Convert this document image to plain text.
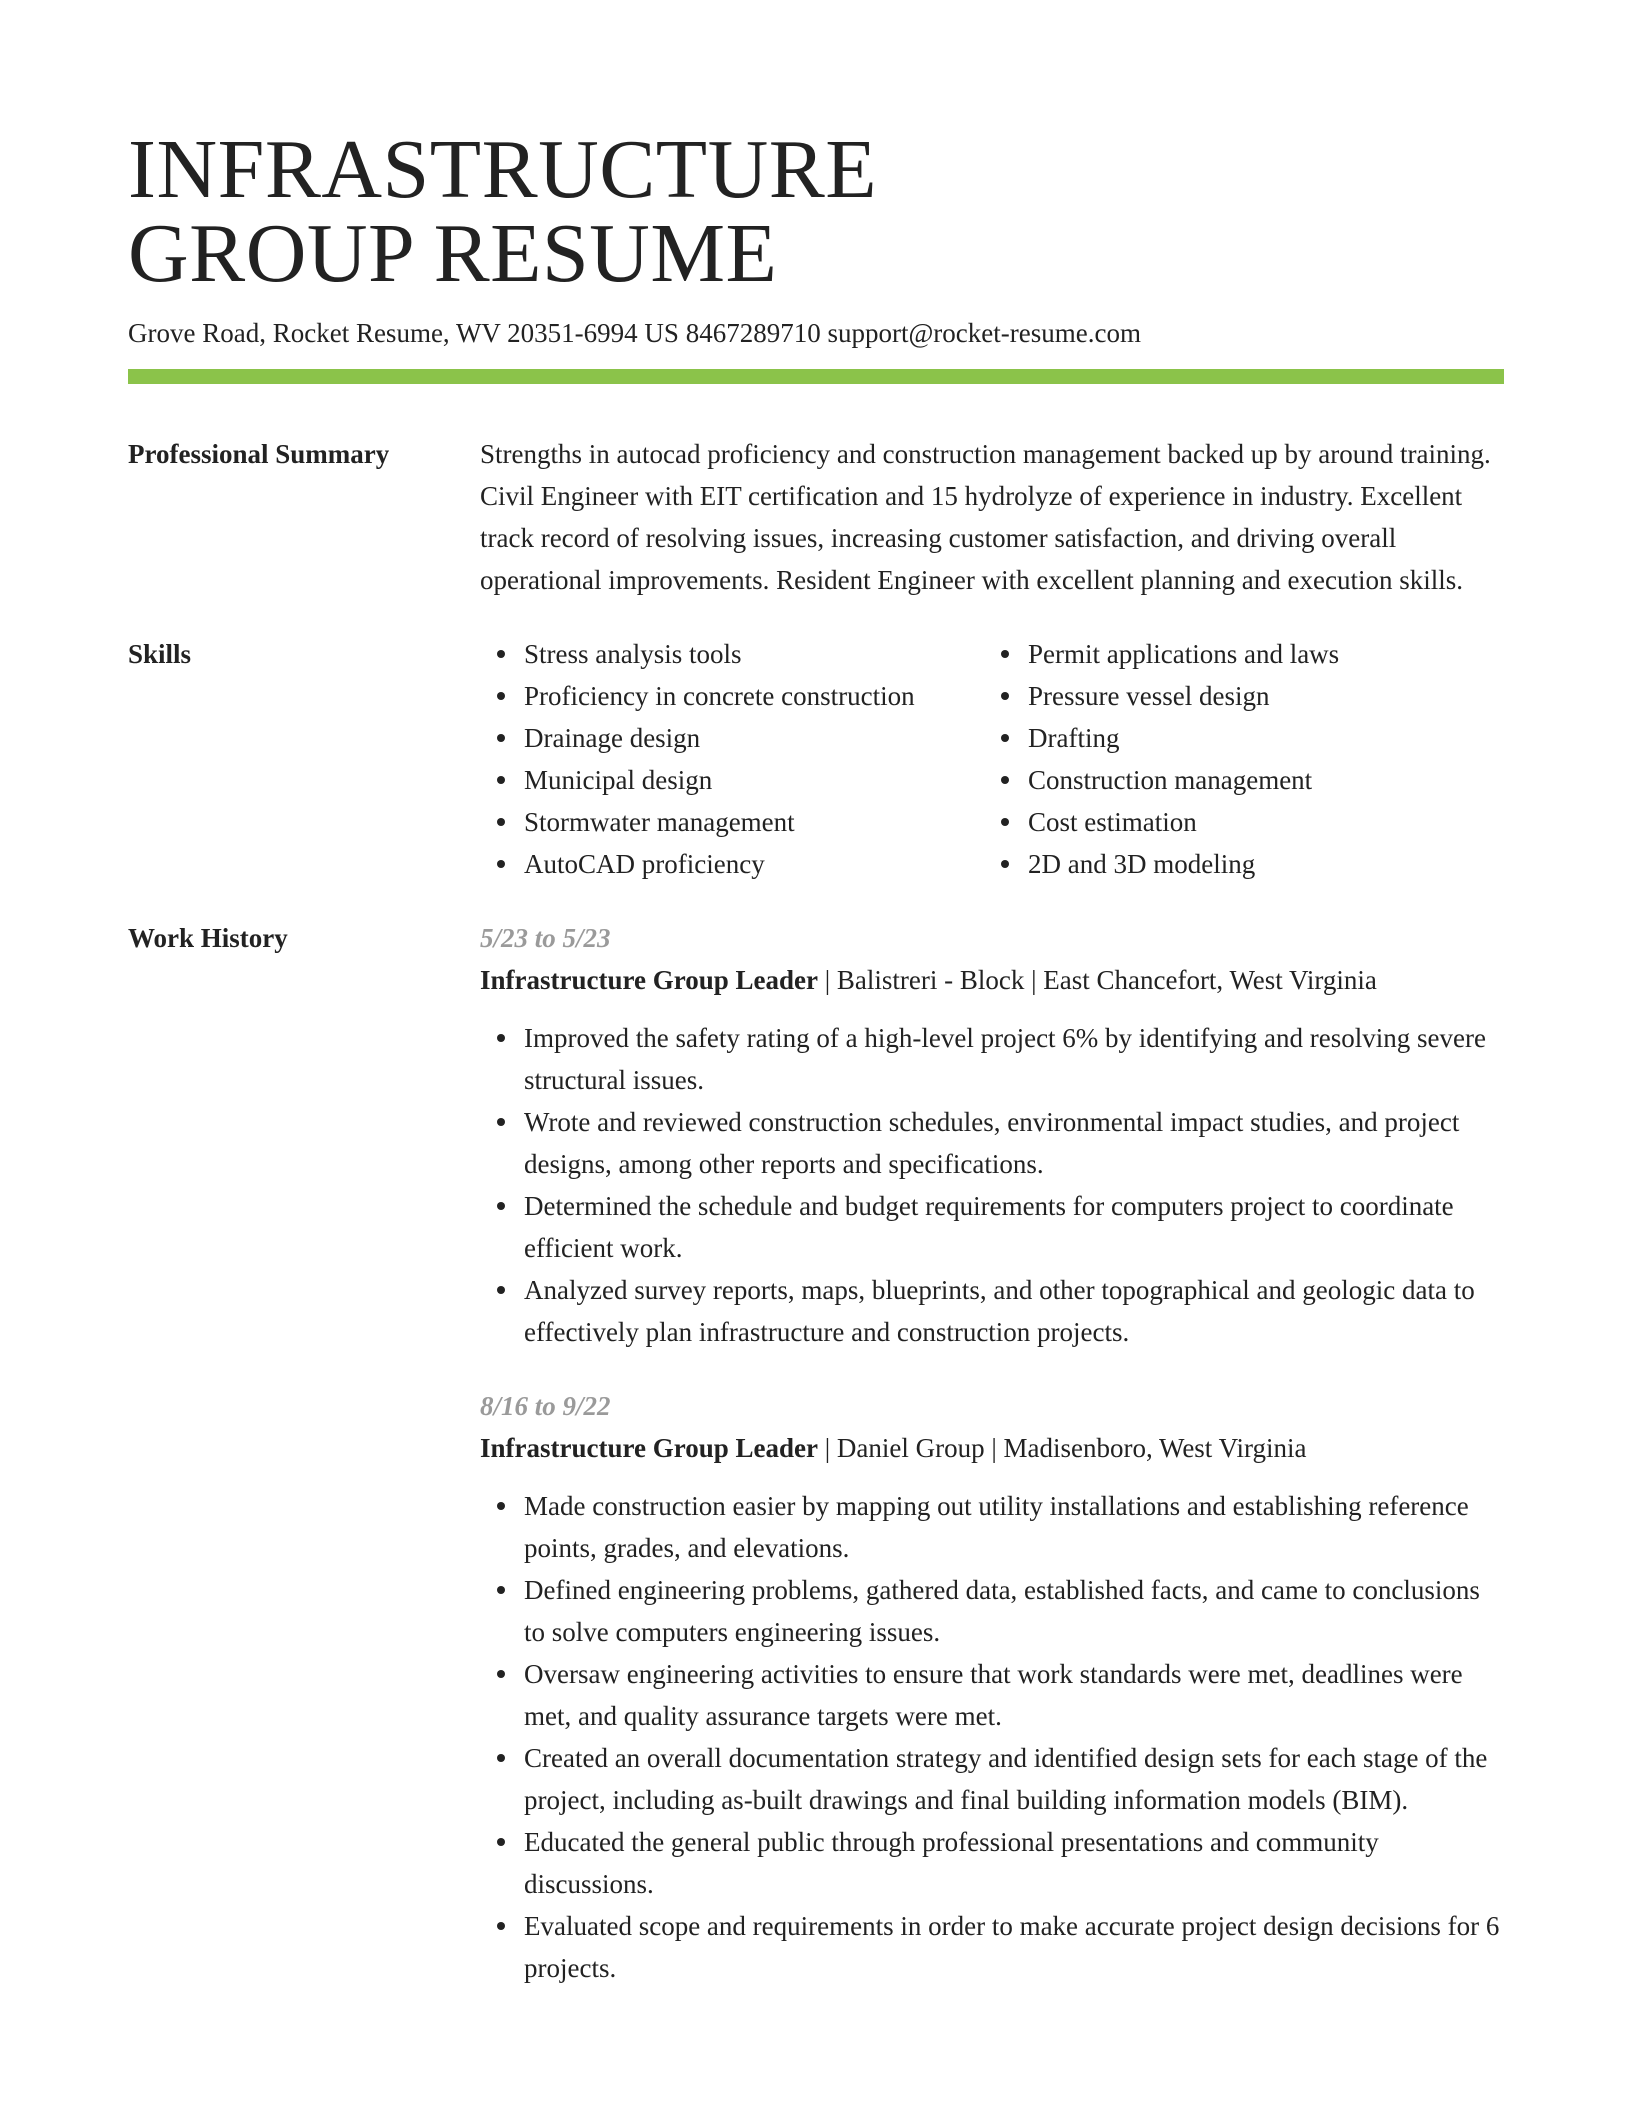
INFRASTRUCTURE
GROUP RESUME
Grove Road, Rocket Resume, WV 20351-6994 US 8467289710 support@rocket-resume.com
Professional Summary	Strengths in autocad proficiency and construction management backed up by around training. Civil Engineer with EIT certification and 15 hydrolyze of experience in industry. Excellent track record of resolving issues, increasing customer satisfaction, and driving overall operational improvements. Resident Engineer with excellent planning and execution skills.

Skills	Stress analysis tools
Proficiency in concrete construction
Drainage design
Municipal design
Stormwater management
AutoCAD proficiency
Permit applications and laws
Pressure vessel design
Drafting
Construction management
Cost estimation
2D and 3D modeling
Work History	5/23 to 5/23
Infrastructure Group Leader | Balistreri - Block | East Chancefort, West Virginia
Improved the safety rating of a high-level project 6% by identifying and resolving severe structural issues.
Wrote and reviewed construction schedules, environmental impact studies, and project designs, among other reports and specifications.
Determined the schedule and budget requirements for computers project to coordinate efficient work.
Analyzed survey reports, maps, blueprints, and other topographical and geologic data to effectively plan infrastructure and construction projects.
8/16 to 9/22
Infrastructure Group Leader | Daniel Group | Madisenboro, West Virginia
Made construction easier by mapping out utility installations and establishing reference points, grades, and elevations.
Defined engineering problems, gathered data, established facts, and came to conclusions to solve computers engineering issues.
Oversaw engineering activities to ensure that work standards were met, deadlines were met, and quality assurance targets were met.
Created an overall documentation strategy and identified design sets for each stage of the project, including as-built drawings and final building information models (BIM).
Educated the general public through professional presentations and community discussions.
Evaluated scope and requirements in order to make accurate project design decisions for 6 projects.
